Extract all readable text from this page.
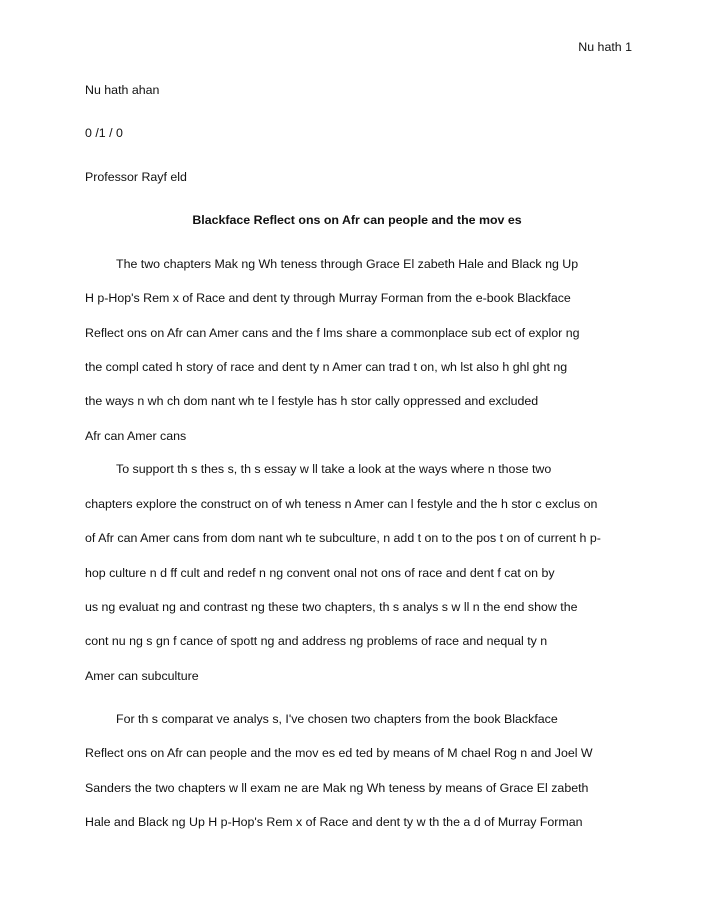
Nu hath 1
Nu hath ahan
0 /1 / 0
Professor Rayf eld
Blackface Reflect ons on Afr can people and the mov es
The two chapters Mak ng Wh teness through Grace El zabeth Hale and Black ng Up
H p-Hop's Rem x of Race and dent ty through Murray Forman from the e-book Blackface
Reflect ons on Afr can Amer cans and the f lms share a commonplace sub ect of explor ng
the compl cated h story of race and dent ty n Amer can trad t on, wh lst also h ghl ght ng
the ways n wh ch dom nant wh te l festyle has h stor cally oppressed and excluded
Afr can Amer cans
To support th s thes s, th s essay w ll take a look at the ways where n those two
chapters explore the construct on of wh teness n Amer can l festyle and the h stor c exclus on
of Afr can Amer cans from dom nant wh te subculture, n add t on to the pos t on of current h p-
hop culture n d ff cult and redef n ng convent onal not ons of race and dent f cat on by
us ng evaluat ng and contrast ng these two chapters, th s analys s w ll n the end show the
cont nu ng s gn f cance of spott ng and address ng problems of race and nequal ty n
Amer can subculture
For th s comparat ve analys s, I've chosen two chapters from the book Blackface
Reflect ons on Afr can people and the mov es ed ted by means of M chael Rog n and Joel W
Sanders the two chapters w ll exam ne are Mak ng Wh teness by means of Grace El zabeth
Hale and Black ng Up H p-Hop's Rem x of Race and dent ty w th the a d of Murray Forman
